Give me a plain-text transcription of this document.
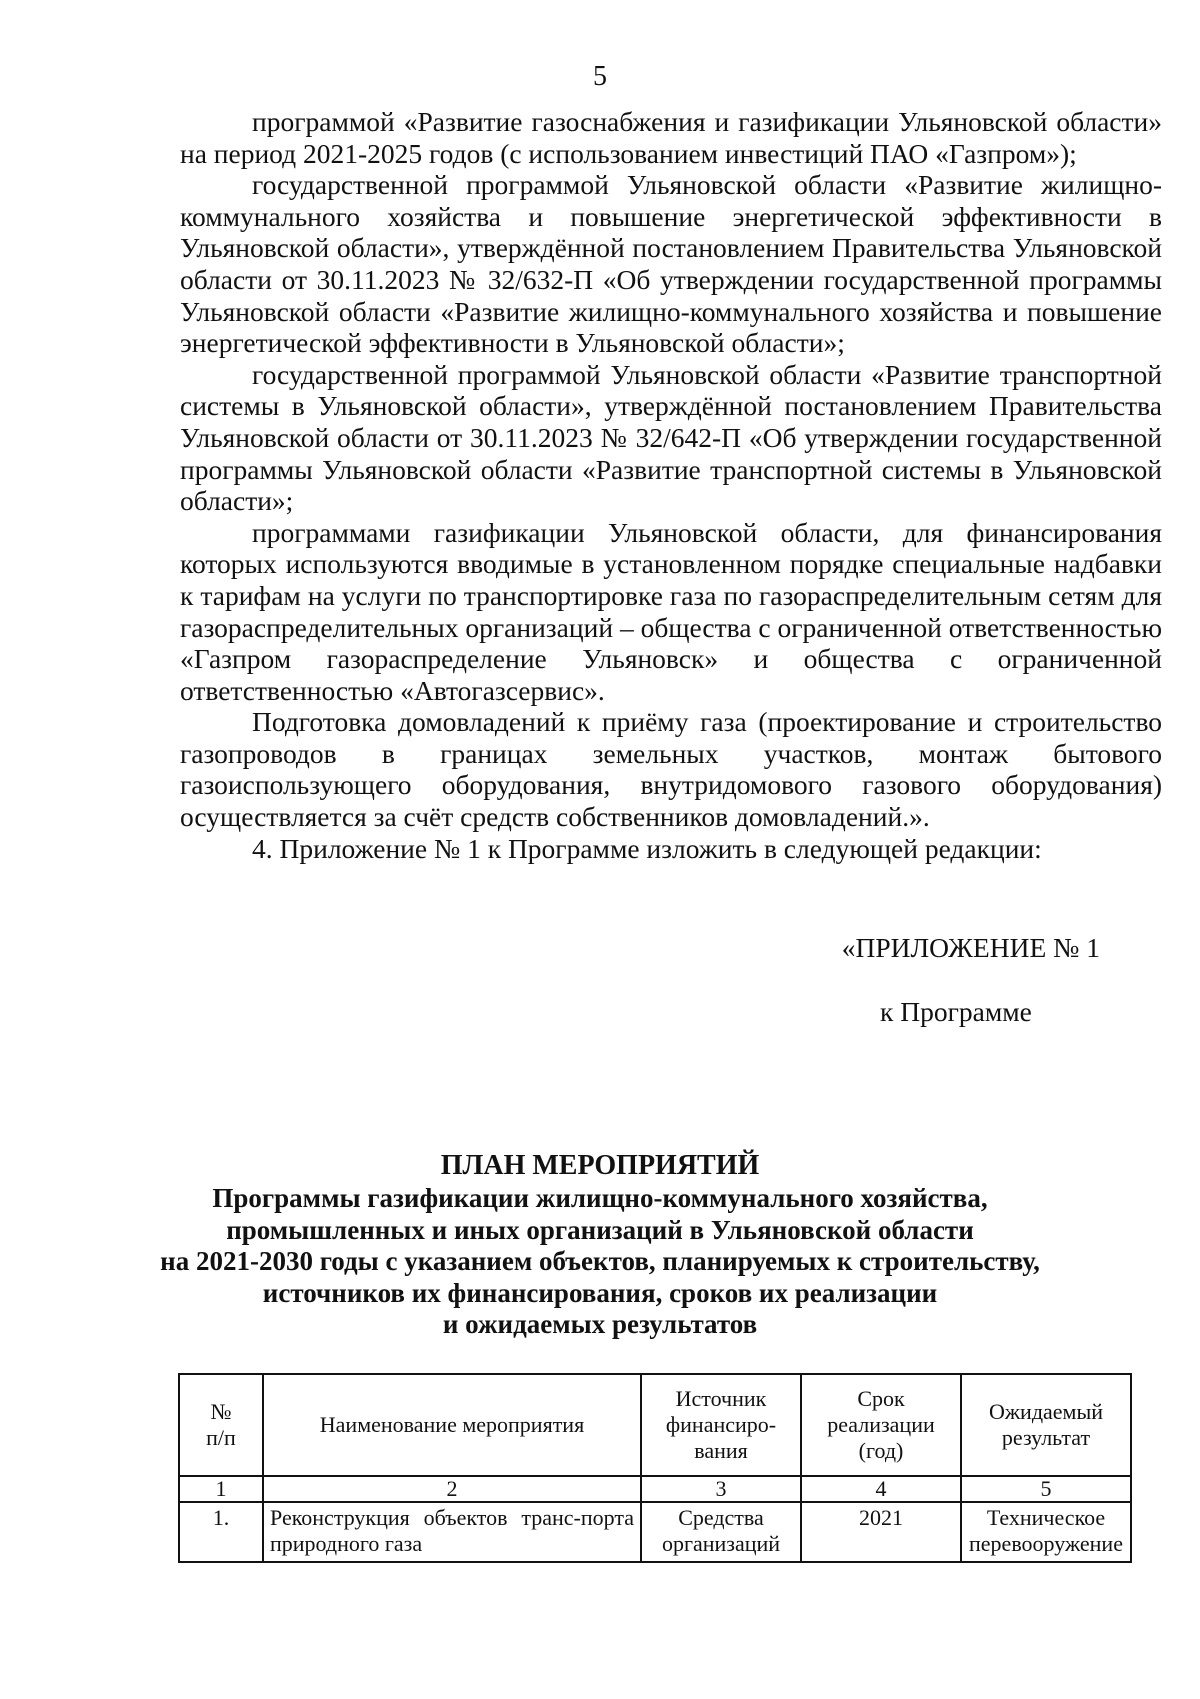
5

программой «Развитие газоснабжения и газификации Ульяновской области» на период 2021-2025 годов (с использованием инвестиций ПАО «Газпром»);

государственной программой Ульяновской области «Развитие жилищно-коммунального хозяйства и повышение энергетической эффективности в Ульяновской области», утверждённой постановлением Правительства Ульяновской области от 30.11.2023 № 32/632-П «Об утверждении государственной программы Ульяновской области «Развитие жилищно-коммунального хозяйства и повышение энергетической эффективности в Ульяновской области»;

государственной программой Ульяновской области «Развитие транспортной системы в Ульяновской области», утверждённой постановлением Правительства Ульяновской области от 30.11.2023 № 32/642-П «Об утверждении государственной программы Ульяновской области «Развитие транспортной системы в Ульяновской области»;

программами газификации Ульяновской области, для финансирования которых используются вводимые в установленном порядке специальные надбавки к тарифам на услуги по транспортировке газа по газораспределительным сетям для газораспределительных организаций – общества с ограниченной ответственностью «Газпром газораспределение Ульяновск» и общества с ограниченной ответственностью «Автогазсервис».

Подготовка домовладений к приёму газа (проектирование и строительство газопроводов в границах земельных участков, монтаж бытового газоиспользующего оборудования, внутридомового газового оборудования) осуществляется за счёт средств собственников домовладений.».

4. Приложение № 1 к Программе изложить в следующей редакции:

«ПРИЛОЖЕНИЕ № 1
к Программе
ПЛАН МЕРОПРИЯТИЙ
Программы газификации жилищно-коммунального хозяйства,
промышленных и иных организаций в Ульяновской области
на 2021-2030 годы с указанием объектов, планируемых к строительству,
источников их финансирования, сроков их реализации
и ожидаемых результатов
№
п/п	Наименование мероприятия	Источник финансиро-вания	Срок реализации (год)	Ожидаемый результат
1	2	3	4	5
1.	Реконструкция объектов транс-порта природного газа	Средства организаций	2021	Техническое перевооружение
